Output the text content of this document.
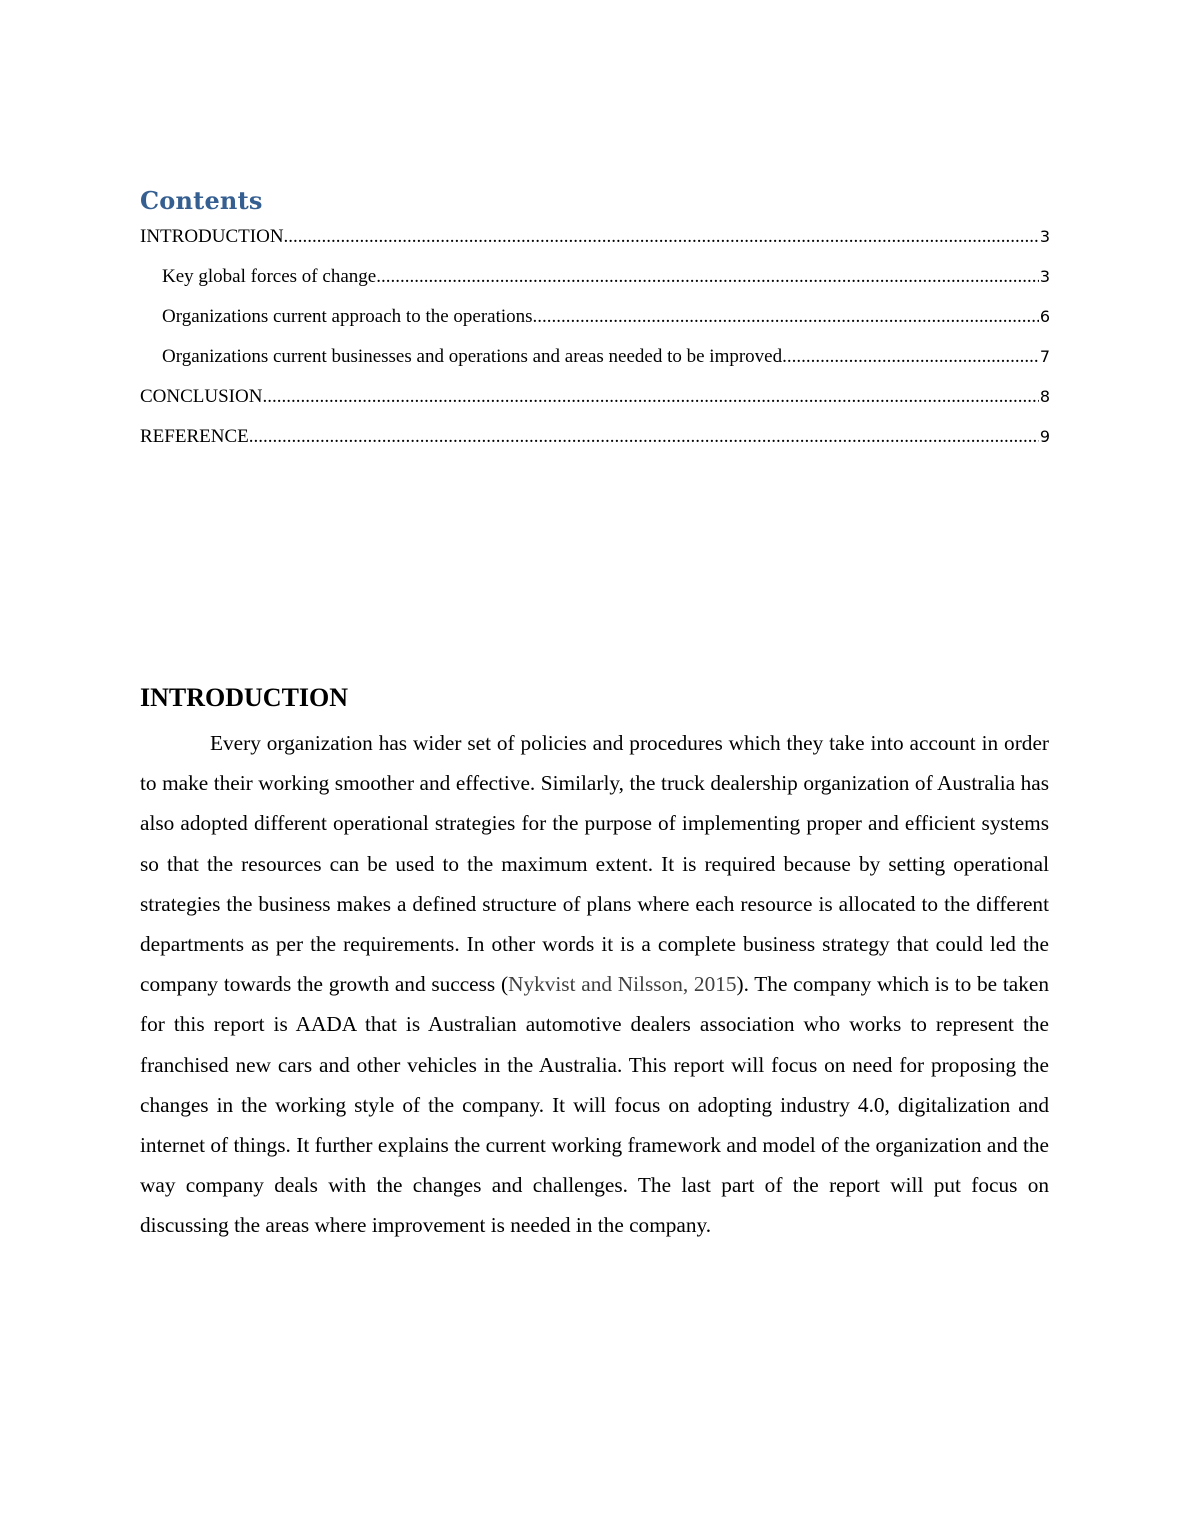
Contents
INTRODUCTION .....	3
Key global forces of change .....	3
Organizations current approach to the operations. .....	6
Organizations current businesses and operations and areas needed to be improved. .....	7
CONCLUSION .....	8
REFERENCE .....	9
INTRODUCTION

Every organization has wider set of policies and procedures which they take into account in order to make their working smoother and effective. Similarly, the truck dealership organization of Australia has also adopted different operational strategies for the purpose of implementing proper and efficient systems so that the resources can be used to the maximum extent. It is required because by setting operational strategies the business makes a defined structure of plans where each resource is allocated to the different departments as per the requirements. In other words it is a complete business strategy that could led the company towards the growth and success (Nykvist and Nilsson, 2015). The company which is to be taken for this report is AADA that is Australian automotive dealers association who works to represent the franchised new cars and other vehicles in the Australia. This report will focus on need for proposing the changes in the working style of the company. It will focus on adopting industry 4.0, digitalization and internet of things. It further explains the current working framework and model of the organization and the way company deals with the changes and challenges. The last part of the report will put focus on discussing the areas where improvement is needed in the company.
